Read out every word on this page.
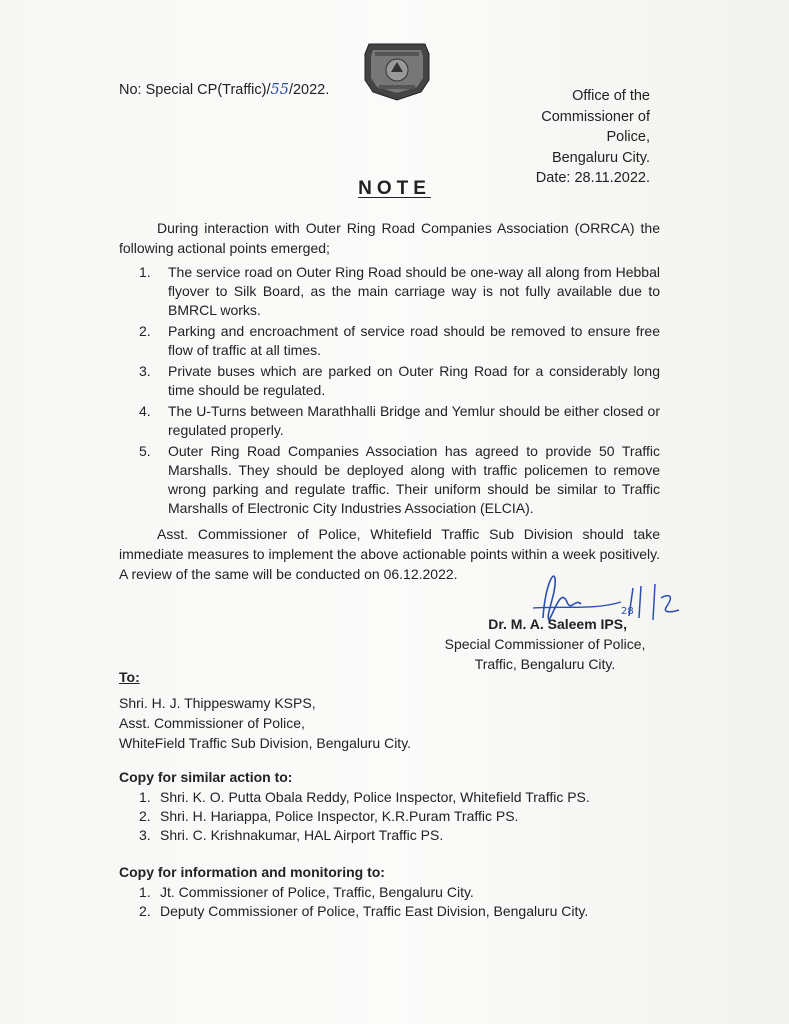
No: Special CP(Traffic)/55/2022.	Office of the
Commissioner of Police,
Bengaluru City.
Date: 28.11.2022.
NOTE
During interaction with Outer Ring Road Companies Association (ORRCA) the following actional points emerged;
1.	The service road on Outer Ring Road should be one-way all along from Hebbal flyover to Silk Board, as the main carriage way is not fully available due to BMRCL works.
2.	Parking and encroachment of service road should be removed to ensure free flow of traffic at all times.
3.	Private buses which are parked on Outer Ring Road for a considerably long time should be regulated.
4.	The U-Turns between Marathhalli Bridge and Yemlur should be either closed or regulated properly.
5.	Outer Ring Road Companies Association has agreed to provide 50 Traffic Marshalls. They should be deployed along with traffic policemen to remove wrong parking and regulate traffic. Their uniform should be similar to Traffic Marshalls of Electronic City Industries Association (ELCIA).
Asst. Commissioner of Police, Whitefield Traffic Sub Division should take immediate measures to implement the above actionable points within a week positively. A review of the same will be conducted on 06.12.2022.
28
Dr. M. A. Saleem IPS,
Special Commissioner of Police,
Traffic, Bengaluru City.
To:
Shri. H. J. Thippeswamy KSPS,
Asst. Commissioner of Police,
WhiteField Traffic Sub Division, Bengaluru City.
Copy for similar action to:
1. Shri. K. O. Putta Obala Reddy, Police Inspector, Whitefield Traffic PS.
2. Shri. H. Hariappa, Police Inspector, K.R.Puram Traffic PS.
3. Shri. C. Krishnakumar, HAL Airport Traffic PS.
Copy for information and monitoring to:
1. Jt. Commissioner of Police, Traffic, Bengaluru City.
2. Deputy Commissioner of Police, Traffic East Division, Bengaluru City.
